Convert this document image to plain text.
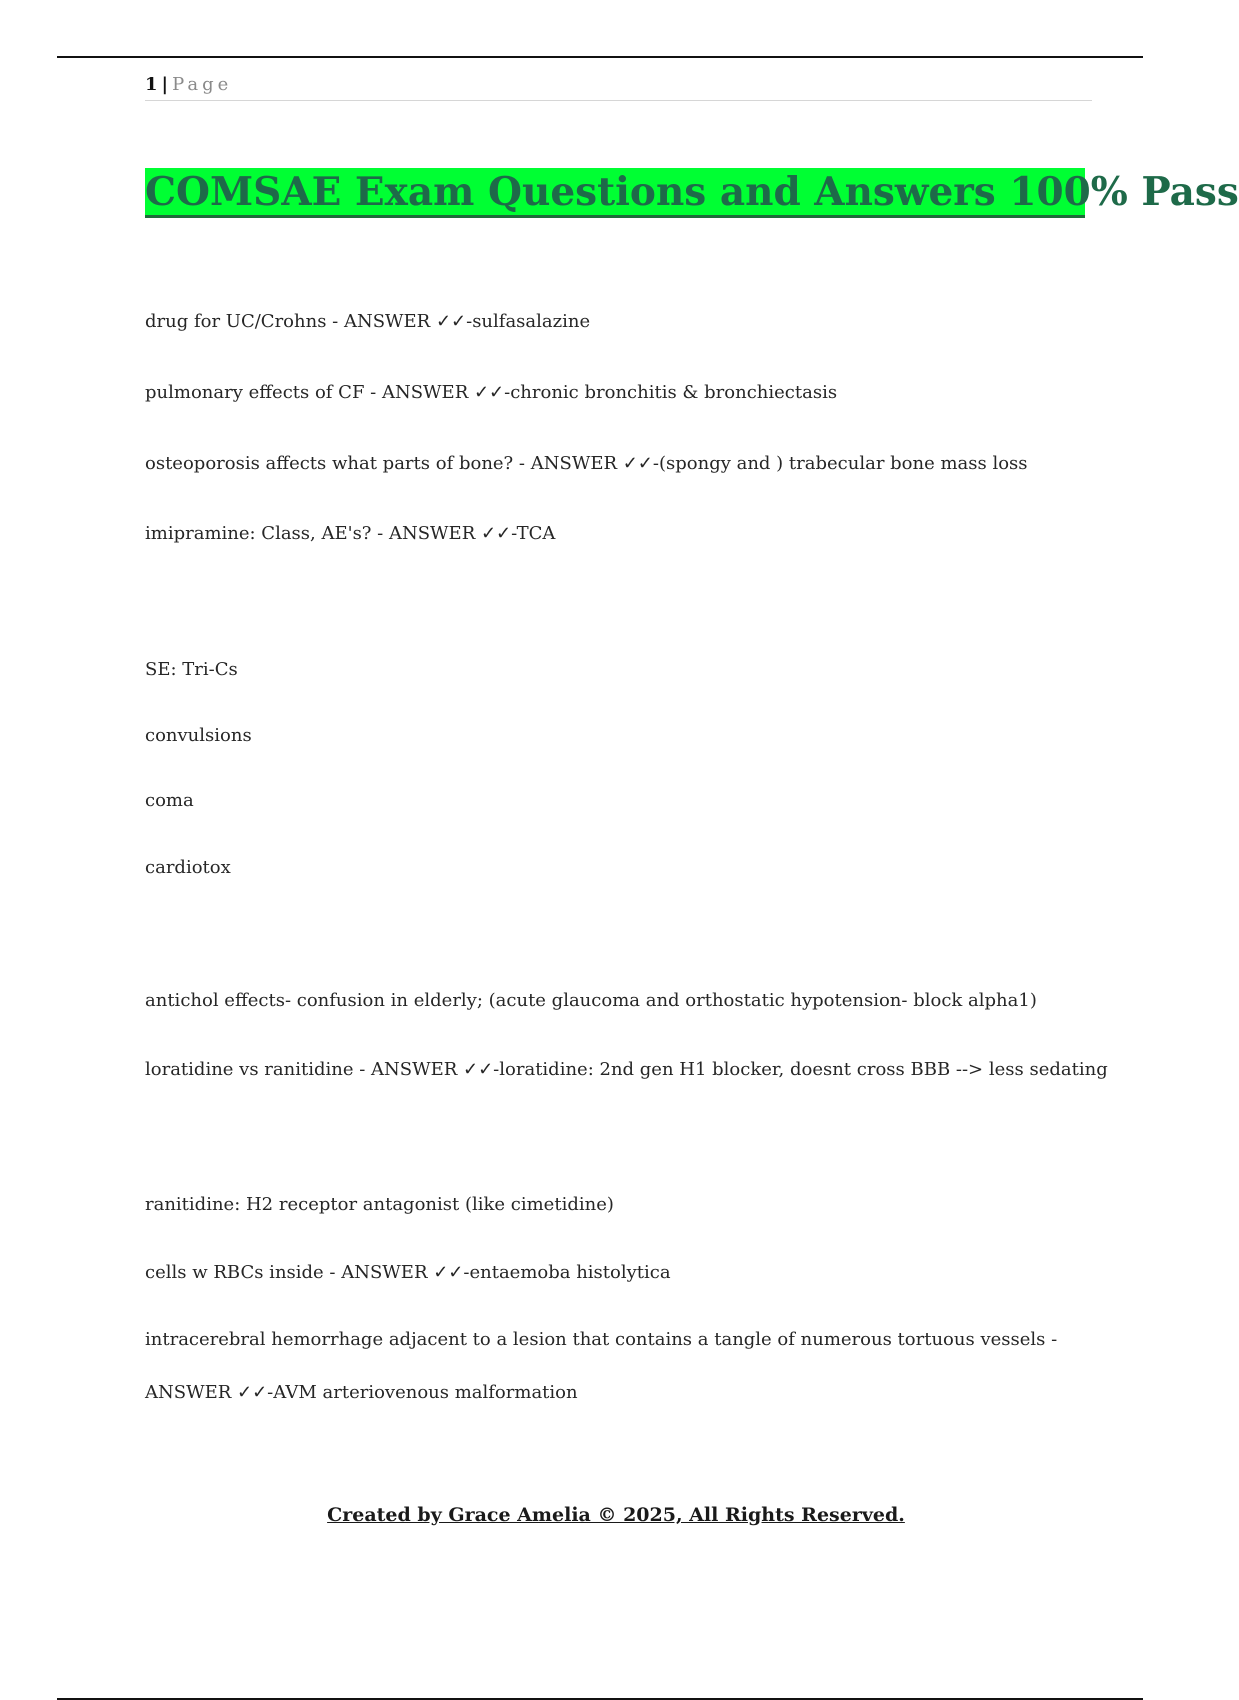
1 | Page
COMSAE Exam Questions and Answers 100% Pass
drug for UC/Crohns - ANSWER ✓✓-sulfasalazine
pulmonary effects of CF - ANSWER ✓✓-chronic bronchitis & bronchiectasis
osteoporosis affects what parts of bone? - ANSWER ✓✓-(spongy and ) trabecular bone mass loss
imipramine: Class, AE's? - ANSWER ✓✓-TCA
SE: Tri-Cs
convulsions
coma
cardiotox
antichol effects- confusion in elderly; (acute glaucoma and orthostatic hypotension- block alpha1)
loratidine vs ranitidine - ANSWER ✓✓-loratidine: 2nd gen H1 blocker, doesnt cross BBB --> less sedating
ranitidine: H2 receptor antagonist (like cimetidine)
cells w RBCs inside - ANSWER ✓✓-entaemoba histolytica
intracerebral hemorrhage adjacent to a lesion that contains a tangle of numerous tortuous vessels -
ANSWER ✓✓-AVM arteriovenous malformation
Created by Grace Amelia © 2025, All Rights Reserved.
